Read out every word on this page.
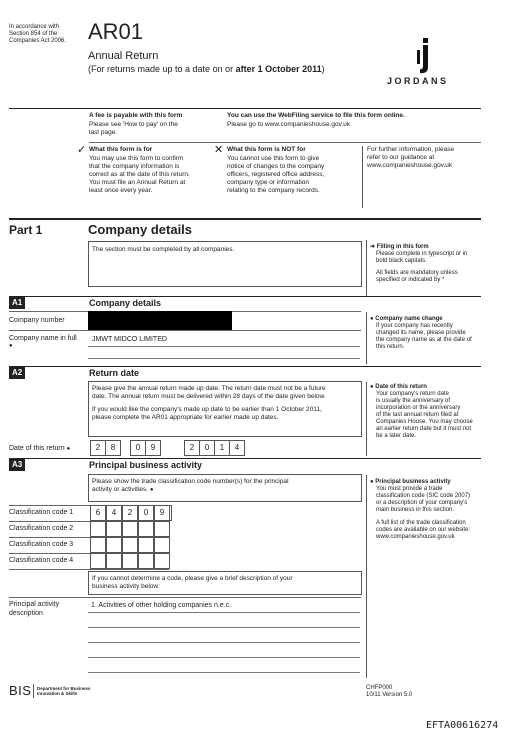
In accordance with
Section 854 of the
Companies Act 2006. AR01
Annual Return
(For returns made up to a date on or after 1 October 2011)
JORDANS
A fee is payable with this form
Please see 'How to pay' on the
last page.
You can use the WebFiling service to file this form online.
Please go to www.companieshouse.gov.uk
✓ What this form is for
You may use this form to confirm
that the company information is
correct as at the date of this return.
You must file an Annual Return at
least once every year.
✕ What this form is NOT for
You cannot use this form to give
notice of changes to the company
officers, registered office address,
company type or information
relating to the company records.
For further information, please
refer to our guidance at
www.companieshouse.gov.uk
Part 1	Company details
The section must be completed by all companies.	➔ Filling in this form
Please complete in typescript or in
bold black capitals.
All fields are mandatory unless
specified or indicated by *
A1	Company details
Company number
Company name in full
●
JMWT MIDCO LIMITED
● Company name change
If your company has recently
changed its name, please provide
the company name as at the date of
this return.
A2	Return date
Please give the annual return made up date. The return date must not be a future
date. The annual return must be delivered within 28 days of the date given below.
If you would like the company's made up date to be earlier than 1 October 2011,
please complete the AR01 appropriate for earlier made up dates.
Date of this return ●	2	8	0	9	2	0	1	4
● Date of this return
Your company's return date
is usually the anniversary of
incorporation or the anniversary
of the last annual return filed at
Companies House. You may choose
an earlier return date but it must not
be a later date.
A3	Principal business activity
Please show the trade classification code number(s) for the principal
activity or activities. ●
Classification code 1	6	4	2	0	9
Classification code 2
Classification code 3
Classification code 4
If you cannot determine a code, please give a brief description of your
business activity below:
Principal activity
description
1. Activities of other holding companies n.e.c.
● Principal business activity
You must provide a trade
classification code (SIC code 2007)
or a description of your company's
main business in this section.
A full list of the trade classification
codes are available on our website:
www.companieshouse.gov.uk
BIS Department for Business
Innovation & Skills
CHFP000
10/11 Version 5.0
EFTA00616274
